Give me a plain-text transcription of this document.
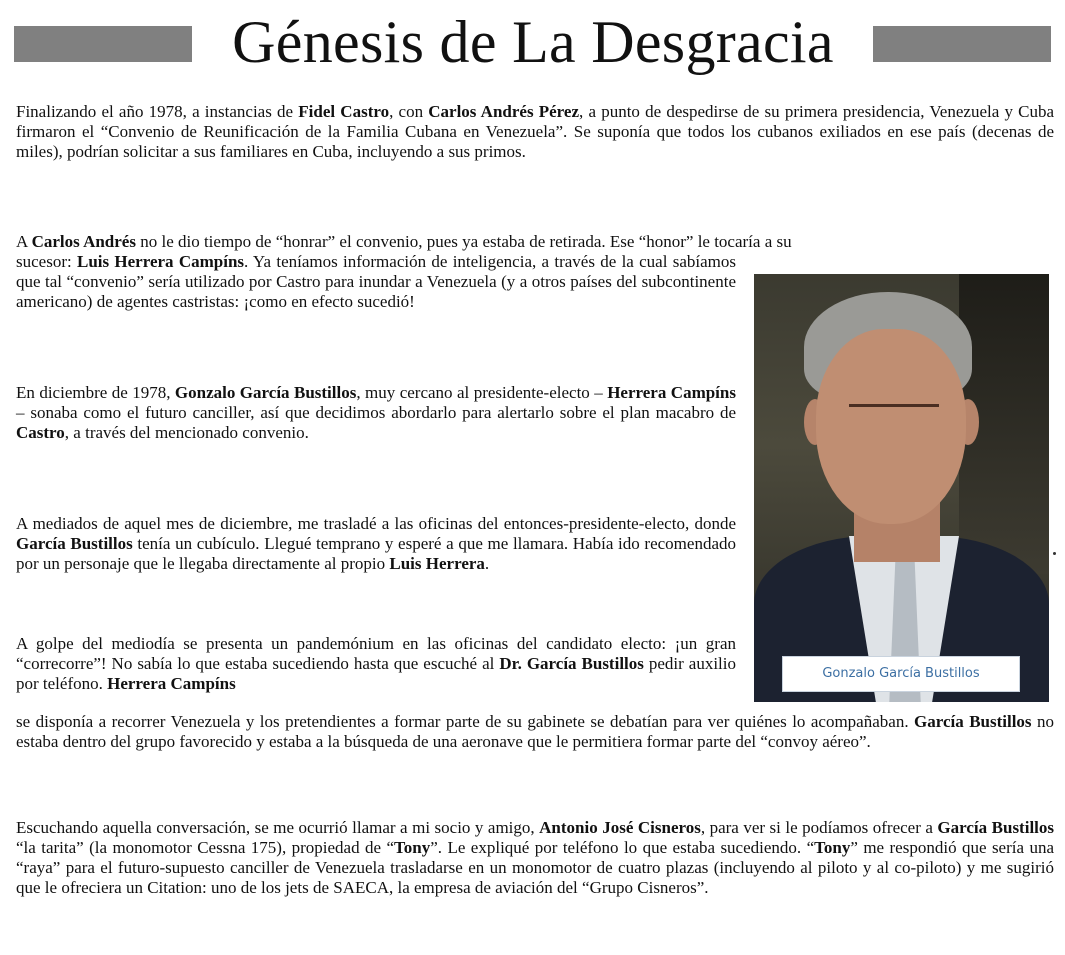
Génesis de La Desgracia

Finalizando el año 1978, a instancias de Fidel Castro, con Carlos Andrés Pérez, a punto de despedirse de su primera presidencia, Venezuela y Cuba firmaron el “Convenio de Reunificación de la Familia Cubana en Venezuela”. Se suponía que todos los cubanos exiliados en ese país (decenas de miles), podrían solicitar a sus familiares en Cuba, incluyendo a sus primos.

A Carlos Andrés no le dio tiempo de “honrar” el convenio, pues ya estaba de retirada. Ese “honor” le tocaría a su

sucesor: Luis Herrera Campíns. Ya teníamos información de inteligencia, a través de la cual sabíamos que tal “convenio” sería utilizado por Castro para inundar a Venezuela (y a otros países del subcontinente americano) de agentes castristas: ¡como en efecto sucedió!

En diciembre de 1978, Gonzalo García Bustillos, muy cercano al presidente-electo – Herrera Campíns – sonaba como el futuro canciller, así que decidimos abordarlo para alertarlo sobre el plan macabro de Castro, a través del mencionado convenio.

A mediados de aquel mes de diciembre, me trasladé a las oficinas del entonces-presidente-electo, donde García Bustillos tenía un cubículo. Llegué temprano y esperé a que me llamara. Había ido recomendado por un personaje que le llegaba directamente al propio Luis Herrera.

A golpe del mediodía se presenta un pandemónium en las oficinas del candidato electo: ¡un gran “correcorre”! No sabía lo que estaba sucediendo hasta que escuché al Dr. García Bustillos pedir auxilio por teléfono. Herrera Campíns

se disponía a recorrer Venezuela y los pretendientes a formar parte de su gabinete se debatían para ver quiénes lo acompañaban. García Bustillos no estaba dentro del grupo favorecido y estaba a la búsqueda de una aeronave que le permitiera formar parte del “convoy aéreo”.

Escuchando aquella conversación, se me ocurrió llamar a mi socio y amigo, Antonio José Cisneros, para ver si le podíamos ofrecer a García Bustillos “la tarita” (la monomotor Cessna 175), propiedad de “Tony”. Le expliqué por teléfono lo que estaba sucediendo. “Tony” me respondió que sería una “raya” para el futuro-supuesto canciller de Venezuela trasladarse en un monomotor de cuatro plazas (incluyendo al piloto y al co-piloto) y me sugirió que le ofreciera un Citation: uno de los jets de SAECA, la empresa de aviación del “Grupo Cisneros”.

Gonzalo García Bustillos
